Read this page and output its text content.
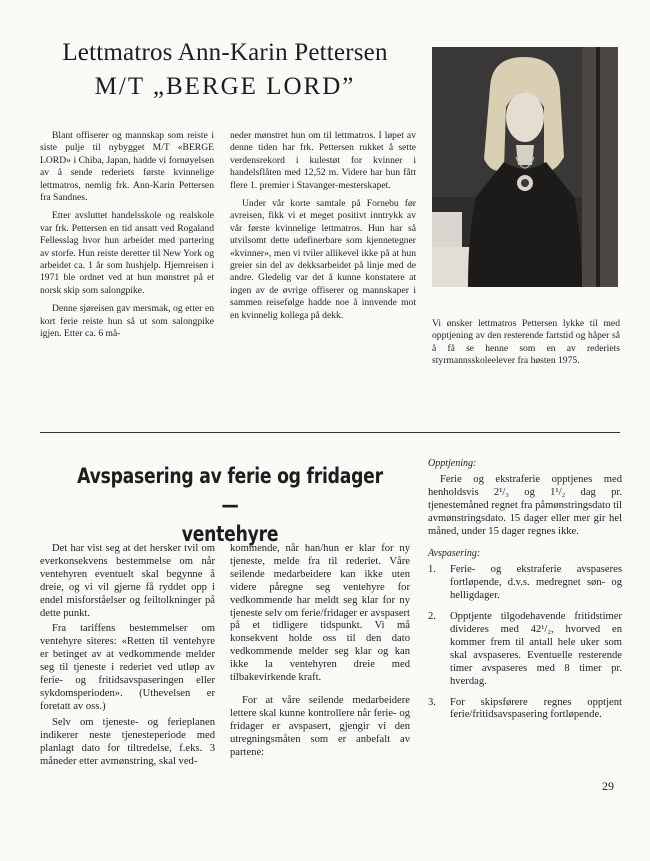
Lettmatros Ann-Karin Pettersen
M/T „BERGE LORD”

Blant offiserer og mannskap som reiste i siste pulje til nybygget M/T «BERGE LORD» i Chiba, Japan, hadde vi fornøyelsen av å sende rederiets første kvinnelige lettmatros, nemlig frk. Ann-Karin Pettersen fra Sandnes.

Etter avsluttet handelsskole og realskole var frk. Pettersen en tid ansatt ved Rogaland Fellesslag hvor hun arbeidet med partering av storfe. Hun reiste deretter til New York og arbeidet ca. 1 år som hushjelp. Hjemreisen i 1971 ble ordnet ved at hun mønstret på et norsk skip som salongpike.

Denne sjøreisen gav mersmak, og etter en kort ferie reiste hun så ut som salongpike igjen. Etter ca. 6 må-

neder mønstret hun om til lettmatros. I løpet av denne tiden har frk. Pettersen rukket å sette verdensrekord i kulestøt for kvinner i handelsflåten med 12,52 m. Videre har hun fått flere 1. premier i Stavanger-mesterskapet.

Under vår korte samtale på Fornebu før avreisen, fikk vi et meget positivt inntrykk av vår første kvinnelige lettmatros. Hun har så utvilsomt dette udefinerbare som kjennetegner «kvinner», men vi tviler allikevel ikke på at hun greier sin del av dekksarbeidet på linje med de andre. Gledelig var det å kunne konstatere at ingen av de øvrige offiserer og mannskaper i sammen reisefølge hadde noe å innvende mot en kvinnelig kollega på dekk.

Vi ønsker lettmatros Pettersen lykke til med opptjening av den resterende fartstid og håper så å få se henne som en av rederiets styrmannsskoleelever fra høsten 1975.
Avspasering av ferie og fridager —
ventehyre

Det har vist seg at det hersker tvil om everkonsekvens bestemmelse om når ventehyren eventuelt skal begynne å dreie, og vi vil gjerne få ryddet opp i endel misforståelser og feiltolkninger på dette punkt.

Fra tariffens bestemmelser om ventehyre siteres: «Retten til ventehyre er betinget av at vedkommende melder seg til tjeneste i rederiet ved utløp av ferie- og fritidsavspaseringen eller sykdomsperioden». (Uthevelsen er foretatt av oss.)

Selv om tjeneste- og ferieplanen indikerer neste tjenesteperiode med planlagt dato for tiltredelse, f.eks. 3 måneder etter avmønstring, skal ved-

kommende, når han/hun er klar for ny tjeneste, melde fra til rederiet. Våre seilende medarbeidere kan ikke uten videre påregne seg ventehyre for vedkommende har meldt seg klar for ny tjeneste selv om ferie/fridager er avspasert på et tidligere tidspunkt. Vi må konsekvent holde oss til den dato vedkommende melder seg klar og kan ikke la ventehyren dreie med tilbakevirkende kraft.

For at våre seilende medarbeidere lettere skal kunne kontrollere når ferie- og fridager er avspasert, gjengir vi den utregningsmåten som er anbefalt av partene:

Opptjening:

Ferie og ekstraferie opptjenes med henholdsvis 2¹/₃ og 1¹/₂ dag pr. tjenestemåned regnet fra påmønstringsdato til avmønstringsdato. 15 dager eller mer gir hel måned, under 15 dager regnes ikke.

Avspasering:

1.	Ferie- og ekstraferie avspaseres fortløpende, d.v.s. medregnet søn- og helligdager.
2.	Opptjente tilgodehavende fritidstimer divideres med 42¹/₂, hvorved en kommer frem til antall hele uker som skal avspaseres. Eventuelle resterende timer avspaseres med 8 timer pr. hverdag.
3.	For skipsførere regnes opptjent ferie/fritidsavspasering fortløpende.
29
